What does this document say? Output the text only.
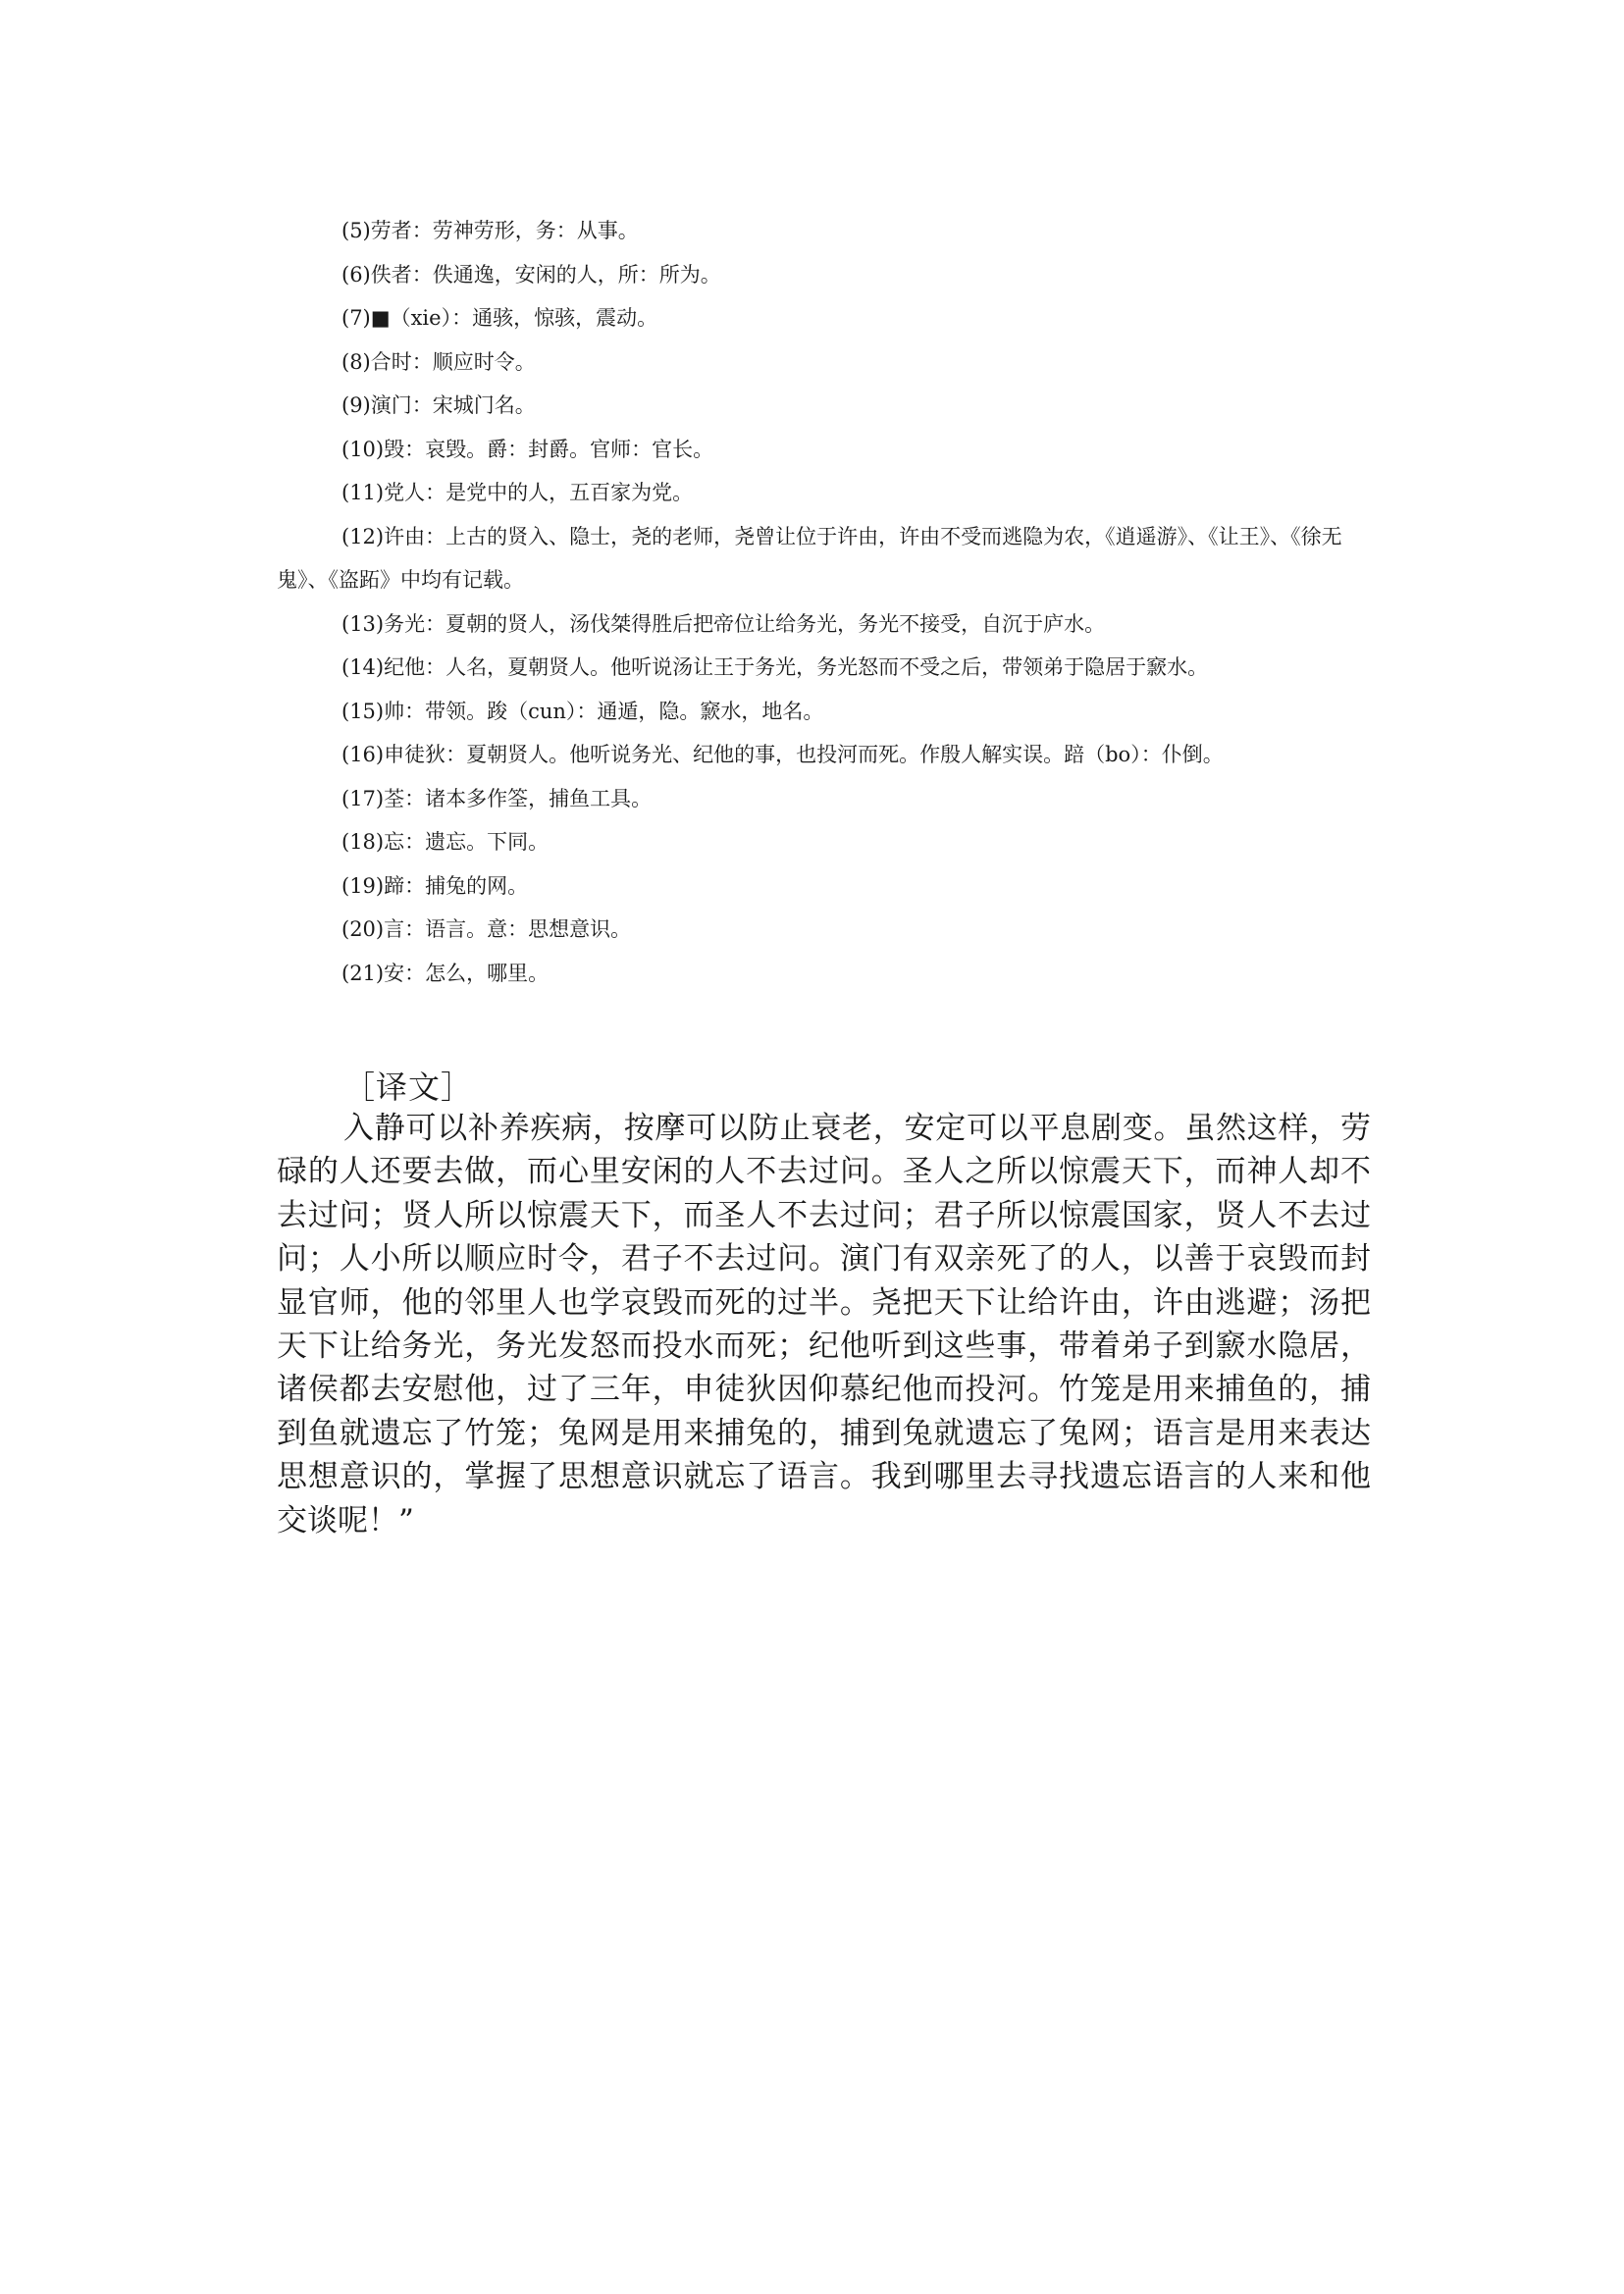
(5)劳者：劳神劳形，务：从事。

(6)佚者：佚通逸，安闲的人，所：所为。

(7)■（xie）：通骇，惊骇，震动。

(8)合时：顺应时令。

(9)演门：宋城门名。

(10)毁：哀毁。爵：封爵。官师：官长。

(11)党人：是党中的人，五百家为党。

(12)许由：上古的贤入、隐士，尧的老师，尧曾让位于许由，许由不受而逃隐为农，《逍遥游》、《让王》、《徐无鬼》、《盗跖》中均有记载。

(13)务光：夏朝的贤人，汤伐桀得胜后把帝位让给务光，务光不接受，自沉于庐水。

(14)纪他：人名，夏朝贤人。他听说汤让王于务光，务光怒而不受之后，带领弟于隐居于窾水。

(15)帅：带领。踆（cun）：通遁，隐。窾水，地名。

(16)申徒狄：夏朝贤人。他听说务光、纪他的事，也投河而死。作殷人解实误。踣（bo）：仆倒。

(17)荃：诸本多作筌，捕鱼工具。

(18)忘：遗忘。下同。

(19)蹄：捕兔的网。

(20)言：语言。意：思想意识。

(21)安：怎么，哪里。

［译文］

入静可以补养疾病，按摩可以防止衰老，安定可以平息剧变。虽然这样，劳碌的人还要去做，而心里安闲的人不去过问。圣人之所以惊震天下，而神人却不去过问；贤人所以惊震天下，而圣人不去过问；君子所以惊震国家，贤人不去过问；人小所以顺应时令，君子不去过问。演门有双亲死了的人，以善于哀毁而封显官师，他的邻里人也学哀毁而死的过半。尧把天下让给许由，许由逃避；汤把天下让给务光，务光发怒而投水而死；纪他听到这些事，带着弟子到窾水隐居，诸侯都去安慰他，过了三年，申徒狄因仰慕纪他而投河。竹笼是用来捕鱼的，捕到鱼就遗忘了竹笼；兔网是用来捕兔的，捕到兔就遗忘了兔网；语言是用来表达思想意识的，掌握了思想意识就忘了语言。我到哪里去寻找遗忘语言的人来和他交谈呢！”
